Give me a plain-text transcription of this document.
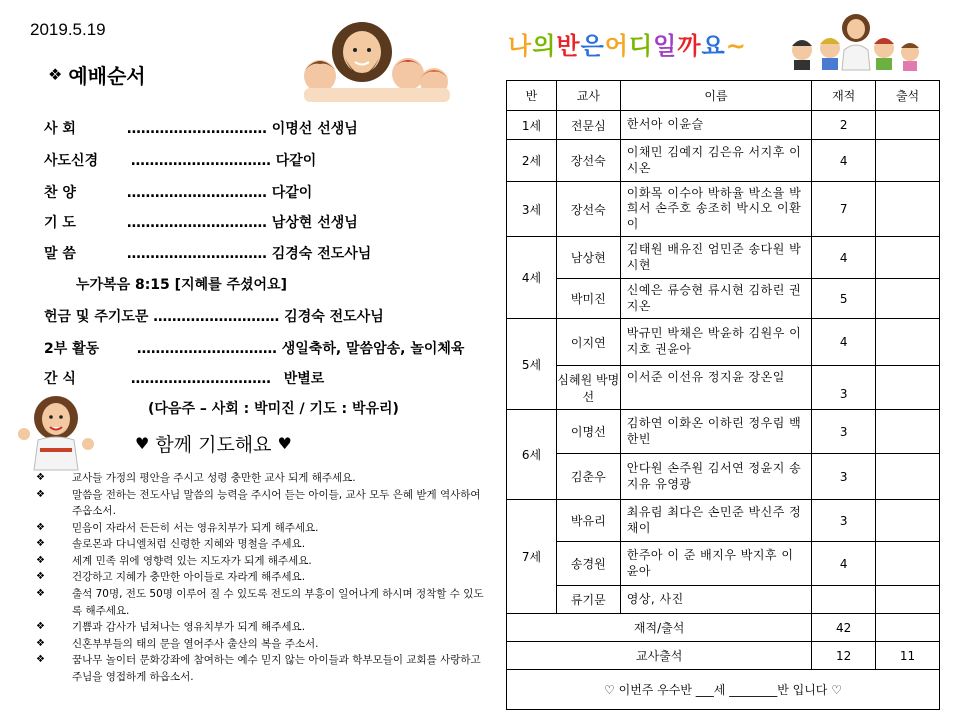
2019.5.19
❖ 예배순서
사 회	………………………… 이명선 선생님
사도신경 ………………………… 다같이
찬 양	………………………… 다같이
기 도	………………………… 남상현 선생님
말 씀	………………………… 김경숙 전도사님
누가복음 8:15 [지혜를 주셨어요]
헌금 및 주기도문 ……………………… 김경숙 전도사님
2부 활동	………………………… 생일축하, 말씀암송, 놀이체육
간 식	………………………… 반별로
(다음주 – 사회 : 박미진 / 기도 : 박유리)
♥ 함께 기도해요 ♥
❖	교사들 가정의 평안을 주시고 성령 충만한 교사 되게 해주세요.
❖	말씀을 전하는 전도사님 말씀의 능력을 주시어 듣는 아이들, 교사 모두 은혜 받게 역사하여 주옵소서.
❖	믿음이 자라서 든든히 서는 영유치부가 되게 해주세요.
❖	솔로몬과 다니엘처럼 신령한 지혜와 명철을 주세요.
❖	세계 민족 위에 영향력 있는 지도자가 되게 해주세요.
❖	건강하고 지혜가 충만한 아이들로 자라게 해주세요.
❖	출석 70명, 전도 50명 이루어 질 수 있도록 전도의 부흥이 일어나게 하시며 정착할 수 있도록 해주세요.
❖	기쁨과 감사가 넘쳐나는 영유치부가 되게 해주세요.
❖	신혼부부들의 태의 문을 열어주사 출산의 복을 주소서.
❖	꿈나무 놀이터 문화강좌에 참여하는 예수 믿지 않는 아이들과 학부모들이 교회를 사랑하고 주님을 영접하게 하옵소서.
나의반은어디일까요~
반	교사	이름	재적	출석
1세	전문심	한서아 이윤슬	2	
2세	장선숙	이채민 김예지 김은유 서지후 이시온	4	
3세	장선숙	이화목 이수아 박하율 박소율 박희서 손주호 송조히 박시오 이환이	7	
4세	남상현	김태원 배유진 엄민준 송다원 박시현	4	
	박미진	신예은 류승현 류시현 김하린 권지온	5	
5세	이지연	박규민 박채은 박윤하 김원우 이지호 권윤아	4	
	심혜원 박명선	이서준 이선유 정지윤 장온일	3	
6세	이명선	김하연 이화온 이하린 정우림 백한빈	3	
	김춘우	안다원 손주원 김서연 정윤지 송지유 유영광	3	
7세	박유리	최유림 최다은 손민준 박신주 정채이	3	
	송경원	한주아 이 준 배지우 박지후 이윤아	4	
	류기문	영상, 사진		
재적/출석			42	
교사출석			12	11
♡ 이번주 우수반 ___세 ________반 입니다 ♡				
